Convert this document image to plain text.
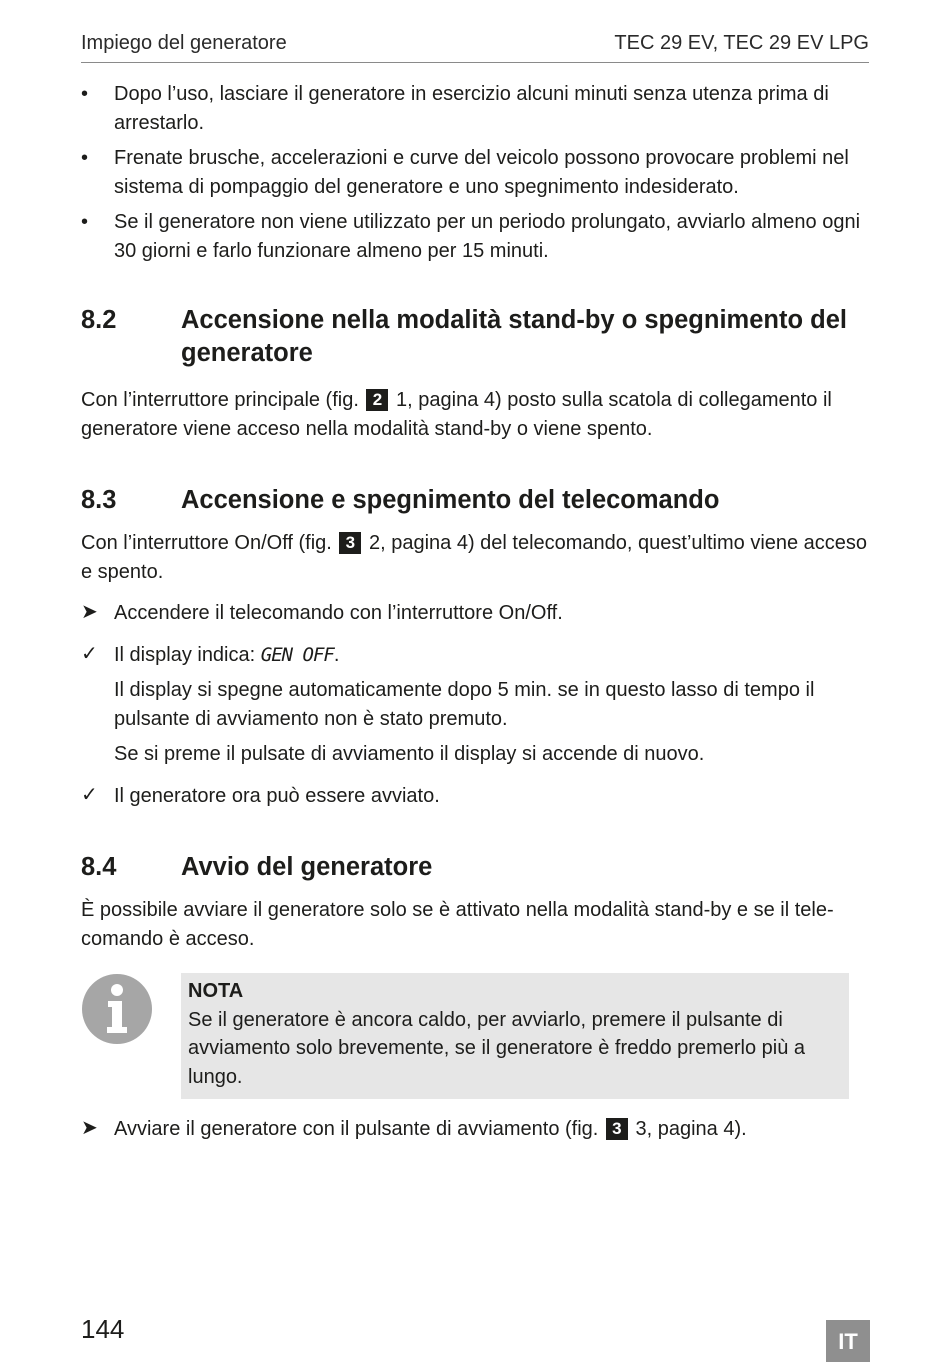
Impiego del generatore	TEC 29 EV, TEC 29 EV LPG
• Dopo l’uso, lasciare il generatore in esercizio alcuni minuti senza utenza prima di arrestarlo.
• Frenate brusche, accelerazioni e curve del veicolo possono provocare problemi nel sistema di pompaggio del generatore e uno spegnimento indesiderato.
• Se il generatore non viene utilizzato per un periodo prolungato, avviarlo almeno ogni 30 giorni e farlo funzionare almeno per 15 minuti.
8.2	Accensione nella modalità stand-by o spegnimento del generatore

Con l’interruttore principale (fig. 2 1, pagina 4) posto sulla scatola di collegamento il generatore viene acceso nella modalità stand-by o viene spento.

8.3	Accensione e spegnimento del telecomando

Con l’interruttore On/Off (fig. 3 2, pagina 4) del telecomando, quest’ultimo viene acceso e spento.

➤ Accendere il telecomando con l’interruttore On/Off.

✓ Il display indica: GEN OFF.

Il display si spegne automaticamente dopo 5 min. se in questo lasso di tempo il pulsante di avviamento non è stato premuto.

Se si preme il pulsate di avviamento il display si accende di nuovo.

✓ Il generatore ora può essere avviato.

8.4	Avvio del generatore

È possibile avviare il generatore solo se è attivato nella modalità stand-by e se il tele-comando è acceso.

NOTA

Se il generatore è ancora caldo, per avviarlo, premere il pulsante di avviamento solo brevemente, se il generatore è freddo premerlo più a lungo.

➤ Avviare il generatore con il pulsante di avviamento (fig. 3 3, pagina 4).

144	IT
